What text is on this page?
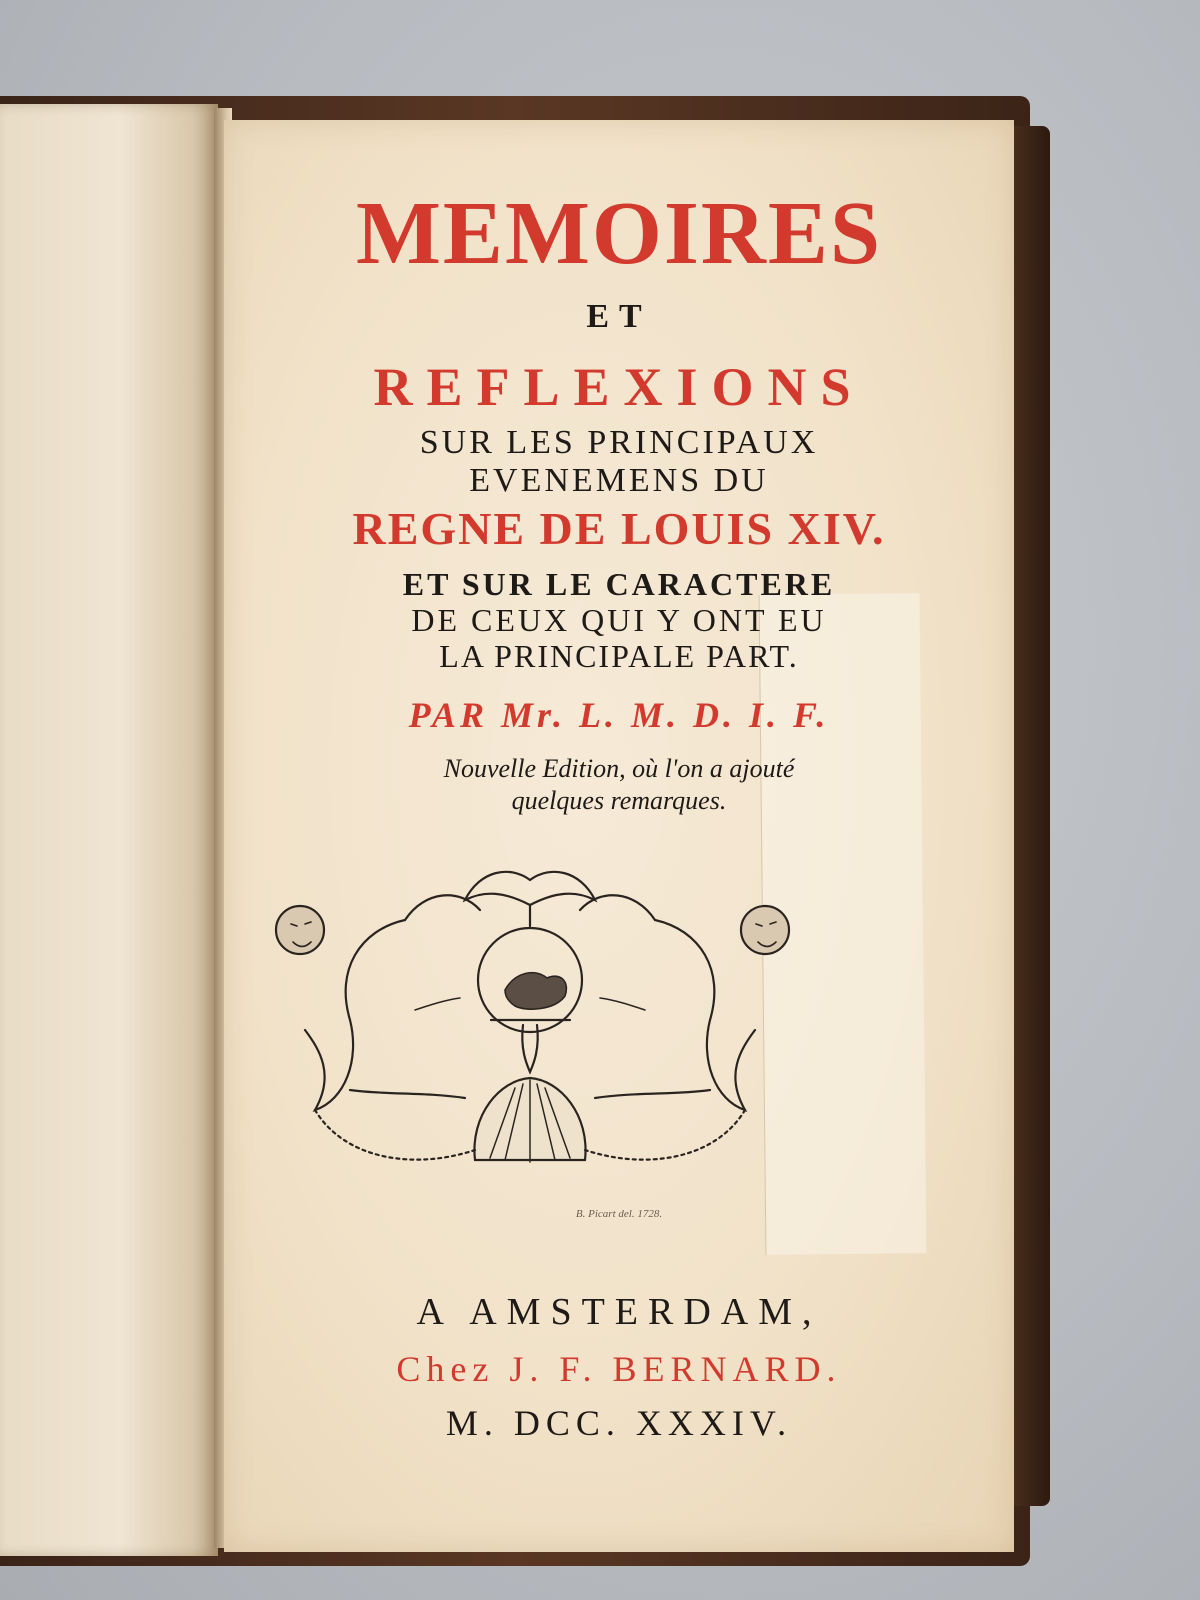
MEMOIRES
ET
REFLEXIONS
SUR LES PRINCIPAUX
EVENEMENS DU
REGNE DE LOUIS XIV.
ET SUR LE CARACTERE
DE CEUX QUI Y ONT EU
LA PRINCIPALE PART.
PAR Mr. L. M. D. I. F.
Nouvelle Edition, où l'on a ajouté
quelques remarques.
B. Picart del. 1728.
A AMSTERDAM,
Chez J. F. BERNARD.
M. DCC. XXXIV.
